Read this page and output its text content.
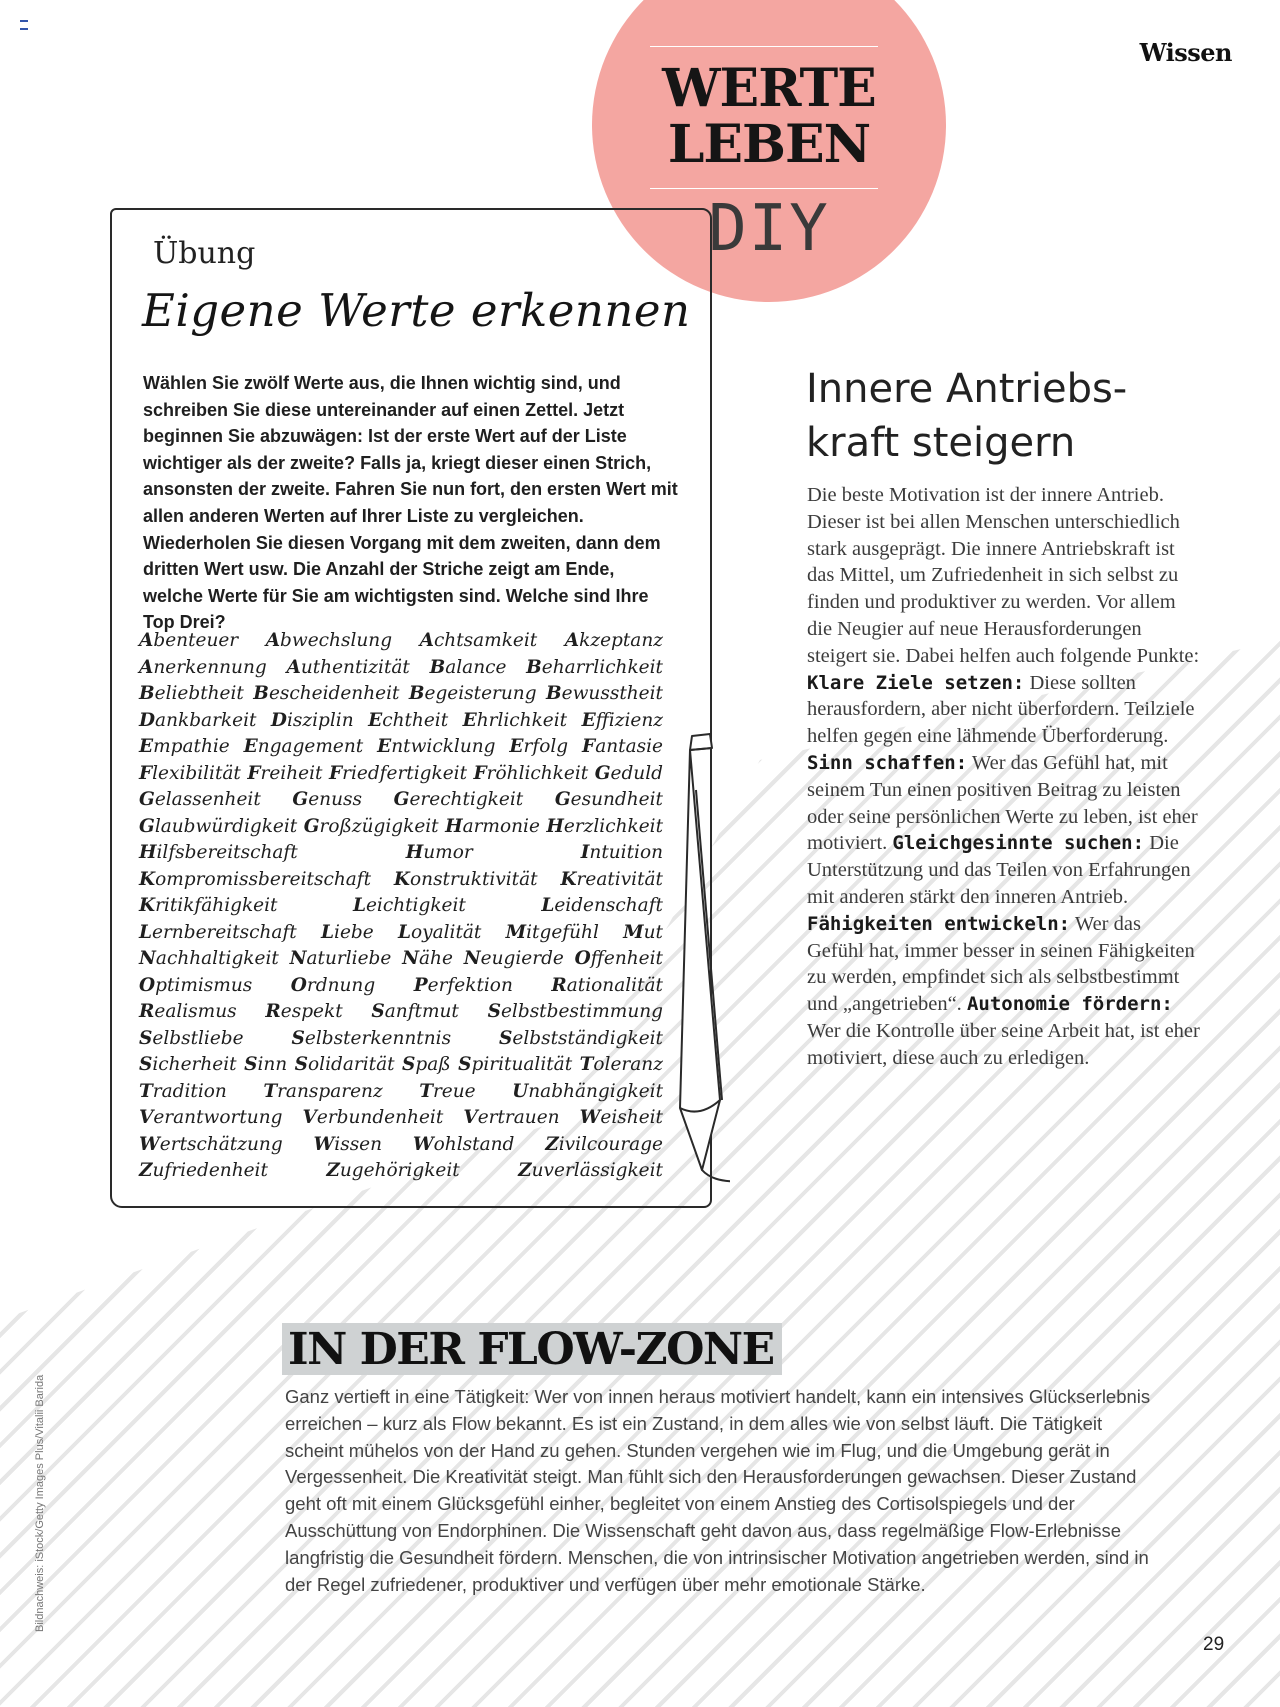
Wissen
WERTE
LEBEN
DIY
Übung
Eigene Werte erkennen

Wählen Sie zwölf Werte aus, die Ihnen wichtig sind, und schreiben Sie diese untereinander auf einen Zettel. Jetzt beginnen Sie abzuwägen: Ist der erste Wert auf der Liste wichtiger als der zweite? Falls ja, kriegt dieser einen Strich, ansonsten der zweite. Fahren Sie nun fort, den ersten Wert mit allen anderen Werten auf Ihrer Liste zu vergleichen. Wiederholen Sie diesen Vorgang mit dem zweiten, dann dem dritten Wert usw. Die Anzahl der Striche zeigt am Ende, welche Werte für Sie am wichtigsten sind. Welche sind Ihre Top Drei?

Abenteuer Abwechslung Achtsamkeit Akzeptanz Anerkennung Authentizität Balance Beharrlichkeit Beliebtheit Bescheidenheit Begeisterung Bewusstheit Dankbarkeit Disziplin Echtheit Ehrlichkeit Effizienz Empathie Engagement Entwicklung Erfolg Fantasie Flexibilität Freiheit Friedfertigkeit Fröhlichkeit Geduld Gelassenheit Genuss Gerechtigkeit Gesundheit Glaubwürdigkeit Großzügigkeit Harmonie Herzlichkeit Hilfsbereitschaft	Humor	Intuition Kompromissbereitschaft Konstruktivität Kreativität Kritikfähigkeit	Leichtigkeit	Leidenschaft Lernbereitschaft Liebe Loyalität Mitgefühl Mut Nachhaltigkeit Naturliebe Nähe Neugierde Offenheit Optimismus Ordnung Perfektion Rationalität Realismus Respekt Sanftmut Selbstbestimmung Selbstliebe	Selbsterkenntnis	Selbstständigkeit Sicherheit Sinn Solidarität Spaß Spiritualität Toleranz Tradition Transparenz Treue Unabhängigkeit Verantwortung Verbundenheit Vertrauen Weisheit Wertschätzung Wissen Wohlstand Zivilcourage Zufriedenheit	Zugehörigkeit	Zuverlässigkeit

Innere Antriebs-
kraft steigern

Die beste Motivation ist der innere Antrieb. Dieser ist bei allen Menschen unterschiedlich stark ausgeprägt. Die innere Antriebskraft ist das Mittel, um Zufriedenheit in sich selbst zu finden und produktiver zu werden. Vor allem die Neugier auf neue Herausforderungen steigert sie. Dabei helfen auch folgende Punkte:
Klare Ziele setzen: Diese sollten herausfordern, aber nicht überfordern. Teilziele helfen gegen eine lähmende Überforderung. Sinn schaffen: Wer das Gefühl hat, mit seinem Tun einen positiven Beitrag zu leisten oder seine persönlichen Werte zu leben, ist eher motiviert. Gleichgesinnte suchen: Die Unterstützung und das Teilen von Erfahrungen mit anderen stärkt den inneren Antrieb. Fähigkeiten entwickeln: Wer das Gefühl hat, immer besser in seinen Fähigkeiten zu werden, empfindet sich als selbstbestimmt und „angetrieben“. Autonomie fördern: Wer die Kontrolle über seine Arbeit hat, ist eher motiviert, diese auch zu erledigen.

IN DER FLOW-ZONE

Ganz vertieft in eine Tätigkeit: Wer von innen heraus motiviert handelt, kann ein intensives Glückserlebnis erreichen – kurz als Flow bekannt. Es ist ein Zustand, in dem alles wie von selbst läuft. Die Tätigkeit scheint mühelos von der Hand zu gehen. Stunden vergehen wie im Flug, und die Umgebung gerät in Vergessenheit. Die Kreativität steigt. Man fühlt sich den Herausforderungen gewachsen. Dieser Zustand geht oft mit einem Glücksgefühl einher, begleitet von einem Anstieg des Cortisolspiegels und der Ausschüttung von Endorphinen. Die Wissenschaft geht davon aus, dass regelmäßige Flow-Erlebnisse langfristig die Gesundheit fördern. Menschen, die von intrinsischer Motivation angetrieben werden, sind in der Regel zufriedener, produktiver und verfügen über mehr emotionale Stärke.

Bildnachweis: iStock/Getty Images Plus/Vitalii Barida
29
